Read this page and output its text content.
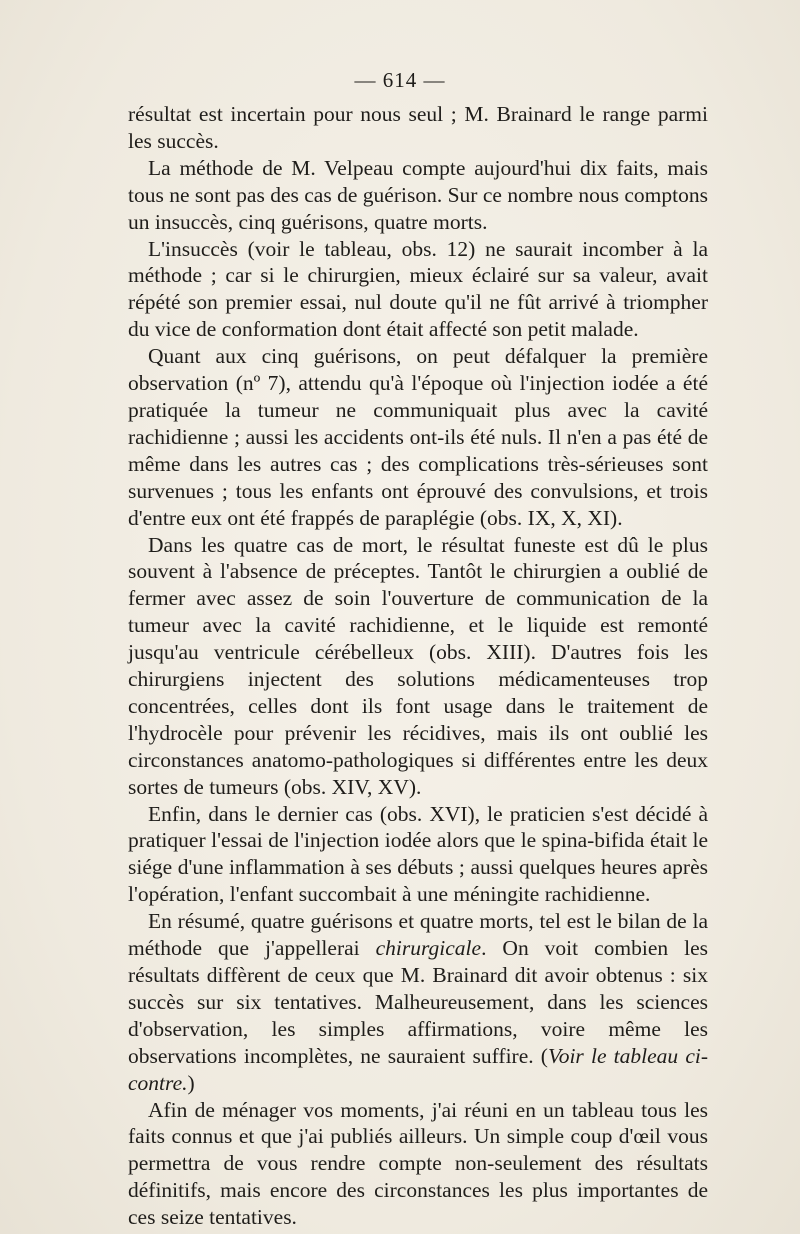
— 614 —

résultat est incertain pour nous seul ; M. Brainard le range parmi les succès.

La méthode de M. Velpeau compte aujourd'hui dix faits, mais tous ne sont pas des cas de guérison. Sur ce nombre nous comptons un insuccès, cinq guérisons, quatre morts.

L'insuccès (voir le tableau, obs. 12) ne saurait incomber à la méthode ; car si le chirurgien, mieux éclairé sur sa valeur, avait répété son premier essai, nul doute qu'il ne fût arrivé à triompher du vice de conformation dont était affecté son petit malade.

Quant aux cinq guérisons, on peut défalquer la première observation (nº 7), attendu qu'à l'époque où l'injection iodée a été pratiquée la tumeur ne communiquait plus avec la cavité rachidienne ; aussi les accidents ont-ils été nuls. Il n'en a pas été de même dans les autres cas ; des complications très-sérieuses sont survenues ; tous les enfants ont éprouvé des convulsions, et trois d'entre eux ont été frappés de paraplégie (obs. IX, X, XI).

Dans les quatre cas de mort, le résultat funeste est dû le plus souvent à l'absence de préceptes. Tantôt le chirurgien a oublié de fermer avec assez de soin l'ouverture de communication de la tumeur avec la cavité rachidienne, et le liquide est remonté jusqu'au ventricule cérébelleux (obs. XIII). D'autres fois les chirurgiens injectent des solutions médicamenteuses trop concentrées, celles dont ils font usage dans le traitement de l'hydrocèle pour prévenir les récidives, mais ils ont oublié les circonstances anatomo-pathologiques si différentes entre les deux sortes de tumeurs (obs. XIV, XV).

Enfin, dans le dernier cas (obs. XVI), le praticien s'est décidé à pratiquer l'essai de l'injection iodée alors que le spina-bifida était le siége d'une inflammation à ses débuts ; aussi quelques heures après l'opération, l'enfant succombait à une méningite rachidienne.

En résumé, quatre guérisons et quatre morts, tel est le bilan de la méthode que j'appellerai chirurgicale. On voit combien les résultats diffèrent de ceux que M. Brainard dit avoir obtenus : six succès sur six tentatives. Malheureusement, dans les sciences d'observation, les simples affirmations, voire même les observations incomplètes, ne sauraient suffire. (Voir le tableau ci-contre.)

Afin de ménager vos moments, j'ai réuni en un tableau tous les faits connus et que j'ai publiés ailleurs. Un simple coup d'œil vous permettra de vous rendre compte non-seulement des résultats définitifs, mais encore des circonstances les plus importantes de ces seize tentatives.
